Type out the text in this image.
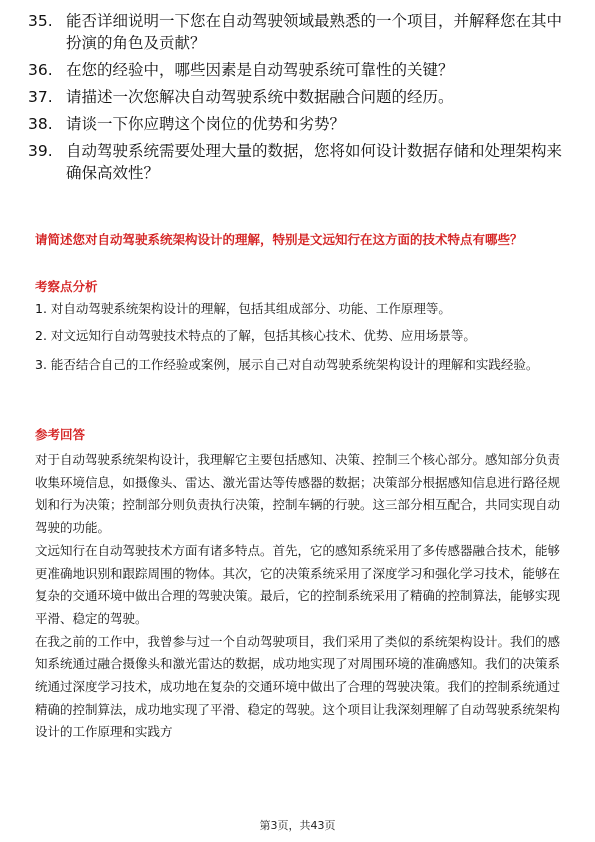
35. 能否详细说明一下您在自动驾驶领域最熟悉的一个项目，并解释您在其中扮演的角色及贡献？
36. 在您的经验中，哪些因素是自动驾驶系统可靠性的关键？
37. 请描述一次您解决自动驾驶系统中数据融合问题的经历。
38. 请谈一下你应聘这个岗位的优势和劣势？
39. 自动驾驶系统需要处理大量的数据，您将如何设计数据存储和处理架构来确保高效性？
请简述您对自动驾驶系统架构设计的理解，特别是文远知行在这方面的技术特点有哪些？
考察点分析
1. 对自动驾驶系统架构设计的理解，包括其组成部分、功能、工作原理等。
2. 对文远知行自动驾驶技术特点的了解，包括其核心技术、优势、应用场景等。
3. 能否结合自己的工作经验或案例，展示自己对自动驾驶系统架构设计的理解和实践经验。
参考回答

对于自动驾驶系统架构设计，我理解它主要包括感知、决策、控制三个核心部分。感知部分负责收集环境信息，如摄像头、雷达、激光雷达等传感器的数据；决策部分根据感知信息进行路径规划和行为决策；控制部分则负责执行决策，控制车辆的行驶。这三部分相互配合，共同实现自动驾驶的功能。

文远知行在自动驾驶技术方面有诸多特点。首先，它的感知系统采用了多传感器融合技术，能够更准确地识别和跟踪周围的物体。其次，它的决策系统采用了深度学习和强化学习技术，能够在复杂的交通环境中做出合理的驾驶决策。最后，它的控制系统采用了精确的控制算法，能够实现平滑、稳定的驾驶。

在我之前的工作中，我曾参与过一个自动驾驶项目，我们采用了类似的系统架构设计。我们的感知系统通过融合摄像头和激光雷达的数据，成功地实现了对周围环境的准确感知。我们的决策系统通过深度学习技术，成功地在复杂的交通环境中做出了合理的驾驶决策。我们的控制系统通过精确的控制算法，成功地实现了平滑、稳定的驾驶。这个项目让我深刻理解了自动驾驶系统架构设计的工作原理和实践方

第3页，共43页
